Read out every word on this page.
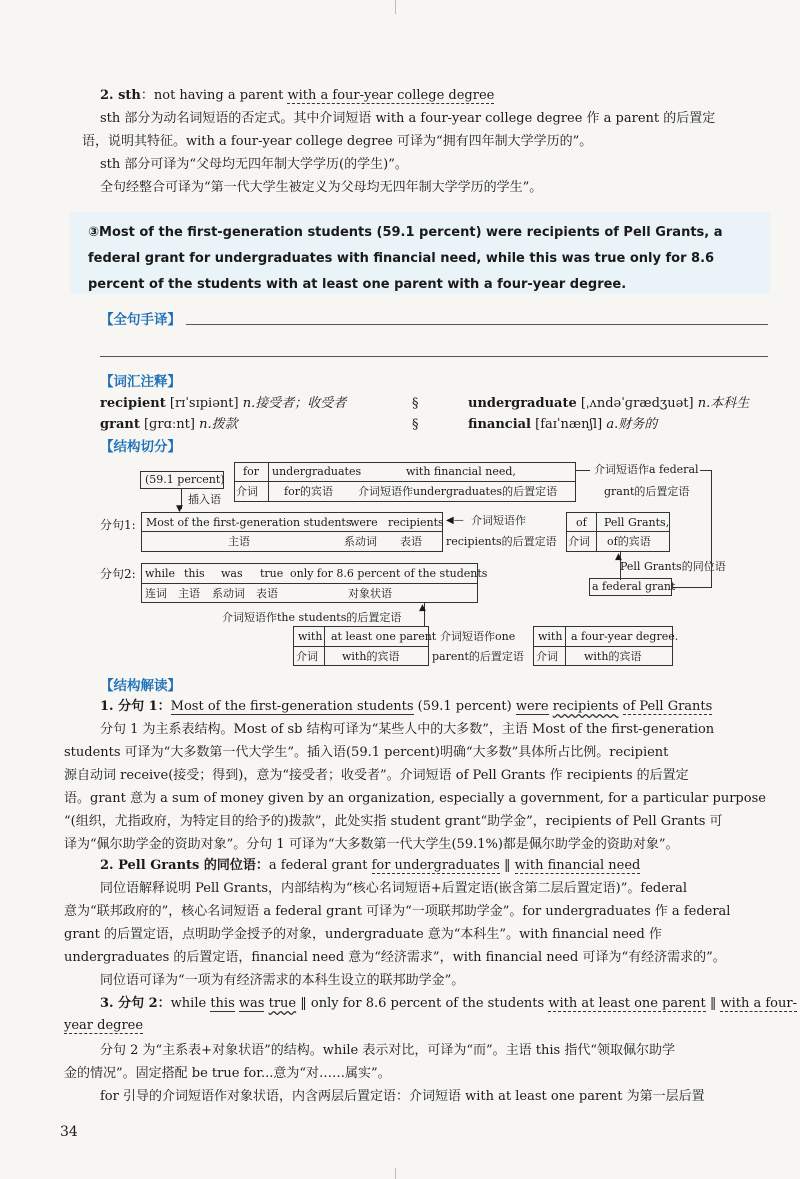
2. sth：not having a parent with a four-year college degree
sth 部分为动名词短语的否定式。其中介词短语 with a four-year college degree 作 a parent 的后置定
语，说明其特征。with a four-year college degree 可译为“拥有四年制大学学历的”。
sth 部分可译为“父母均无四年制大学学历(的学生)”。
全句经整合可译为“第一代大学生被定义为父母均无四年制大学学历的学生”。
③Most of the first-generation students (59.1 percent) were recipients of Pell Grants, a federal grant for undergraduates with financial need, while this was true only for 8.6 percent of the students with at least one parent with a four-year degree.
【全句手译】
【词汇注释】
recipient [rɪˈsɪpiənt] n.接受者；收受者	§	undergraduate [ˌʌndəˈɡrædʒuət] n.本科生
grant [ɡrɑːnt] n.拨款	§	financial [faɪˈnænʃl] a.财务的
【结构切分】
(59.1 percent)
▼
插入语
for undergraduates	with financial need,
介词 for的宾语 介词短语作undergraduates的后置定语
介词短语作a federal
grant的后置定语
分句1: Most of the first-generation students
were recipients
主语	系动词 表语
介词短语作
recipients的后置定语
◀—	of Pell Grants,
介词 of的宾语
▲
Pell Grants的同位语
a federal grant
分句2: while this was true only for 8.6 percent of the students
连词 主语 系动词 表语	对象状语
介词短语作the students的后置定语
▲
with at least one parent
介词 with的宾语
介词短语作one
parent的后置定语
with a four-year degree.
介词 with的宾语
【结构解读】
1. 分句 1：Most of the first-generation students (59.1 percent) were recipients of Pell Grants
分句 1 为主系表结构。Most of sb 结构可译为“某些人中的大多数”，主语 Most of the first-generation
students 可译为“大多数第一代大学生”。插入语(59.1 percent)明确“大多数”具体所占比例。recipient
源自动词 receive(接受；得到)，意为“接受者；收受者”。介词短语 of Pell Grants 作 recipients 的后置定
语。grant 意为 a sum of money given by an organization, especially a government, for a particular purpose
“(组织，尤指政府，为特定目的给予的)拨款”，此处实指 student grant“助学金”，recipients of Pell Grants 可
译为“佩尔助学金的资助对象”。分句 1 可译为“大多数第一代大学生(59.1%)都是佩尔助学金的资助对象”。
2. Pell Grants 的同位语：a federal grant for undergraduates ‖ with financial need
同位语解释说明 Pell Grants，内部结构为“核心名词短语+后置定语(嵌含第二层后置定语)”。federal
意为“联邦政府的”，核心名词短语 a federal grant 可译为“一项联邦助学金”。for undergraduates 作 a federal
grant 的后置定语，点明助学金授予的对象，undergraduate 意为“本科生”。with financial need 作
undergraduates 的后置定语，financial need 意为“经济需求”，with financial need 可译为“有经济需求的”。
同位语可译为“一项为有经济需求的本科生设立的联邦助学金”。
3. 分句 2：while this was true ‖ only for 8.6 percent of the students with at least one parent ‖ with a four-
year degree
分句 2 为“主系表+对象状语”的结构。while 表示对比，可译为“而”。主语 this 指代“领取佩尔助学
金的情况”。固定搭配 be true for...意为“对……属实”。
for 引导的介词短语作对象状语，内含两层后置定语：介词短语 with at least one parent 为第一层后置
34
